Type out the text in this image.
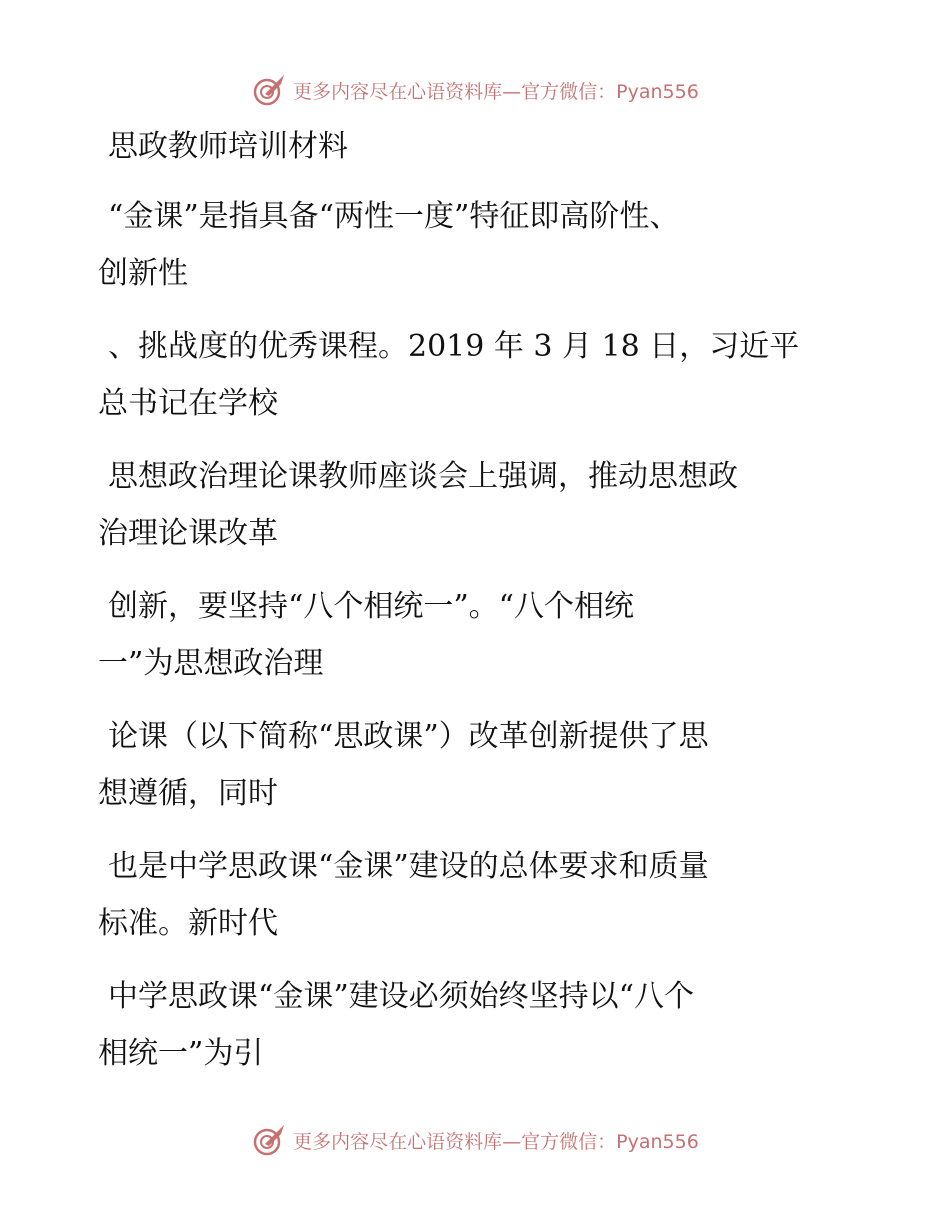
更多内容尽在心语资料库—官方微信：Pyan556
思政教师培训材料

“金课”是指具备“两性一度”特征即高阶性、
创新性

、挑战度的优秀课程。2019 年 3 月 18 日，习近平
总书记在学校

思想政治理论课教师座谈会上强调，推动思想政
治理论课改革

创新，要坚持“八个相统一”。“八个相统
一”为思想政治理

论课（以下简称“思政课”）改革创新提供了思
想遵循，同时

也是中学思政课“金课”建设的总体要求和质量
标准。新时代

中学思政课“金课”建设必须始终坚持以“八个
相统一”为引

更多内容尽在心语资料库—官方微信：Pyan556
